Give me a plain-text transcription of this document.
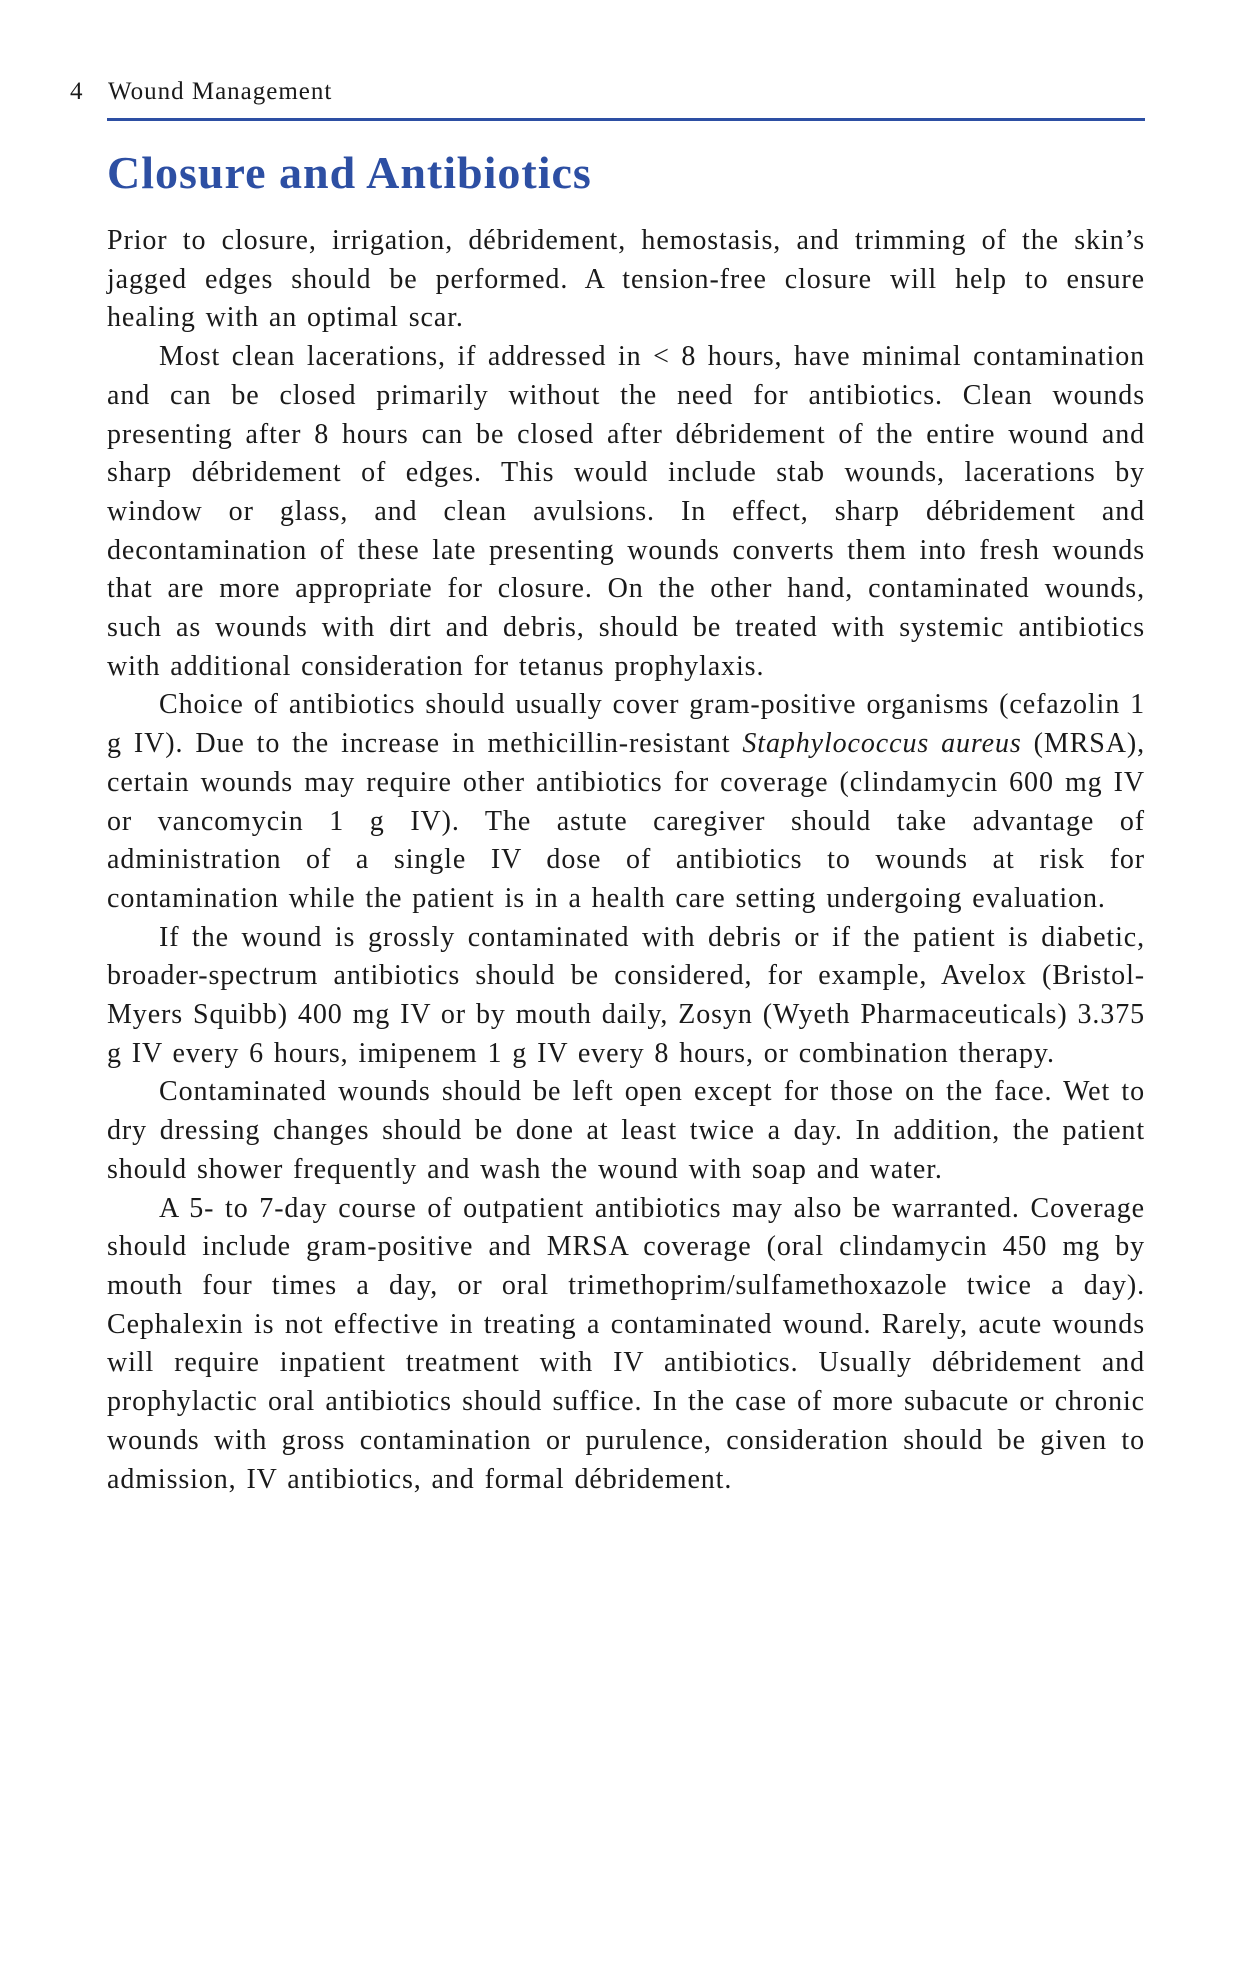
4 Wound Management
Closure and Antibiotics

Prior to closure, irrigation, débridement, hemostasis, and trimming of the skin’s jagged edges should be performed. A tension-free closure will help to ensure healing with an optimal scar.

Most clean lacerations, if addressed in < 8 hours, have minimal contamination and can be closed primarily without the need for antibiotics. Clean wounds presenting after 8 hours can be closed after débridement of the entire wound and sharp débridement of edges. This would include stab wounds, lacerations by window or glass, and clean avulsions. In effect, sharp débridement and decontamination of these late presenting wounds converts them into fresh wounds that are more appropriate for closure. On the other hand, contaminated wounds, such as wounds with dirt and debris, should be treated with systemic antibiotics with additional consideration for tetanus prophylaxis.

Choice of antibiotics should usually cover gram-positive organisms (cefazolin 1 g IV). Due to the increase in methicillin-resistant Staphylococcus aureus (MRSA), certain wounds may require other antibiotics for coverage (clindamycin 600 mg IV or vancomycin 1 g IV). The astute caregiver should take advantage of administration of a single IV dose of antibiotics to wounds at risk for contamination while the patient is in a health care setting undergoing evaluation.

If the wound is grossly contaminated with debris or if the patient is diabetic, broader-spectrum antibiotics should be considered, for example, Avelox (Bristol-Myers Squibb) 400 mg IV or by mouth daily, Zosyn (Wyeth Pharmaceuticals) 3.375 g IV every 6 hours, imipenem 1 g IV every 8 hours, or combination therapy.

Contaminated wounds should be left open except for those on the face. Wet to dry dressing changes should be done at least twice a day. In addition, the patient should shower frequently and wash the wound with soap and water.

A 5- to 7-day course of outpatient antibiotics may also be warranted. Coverage should include gram-positive and MRSA coverage (oral clindamycin 450 mg by mouth four times a day, or oral trimethoprim/sulfamethoxazole twice a day). Cephalexin is not effective in treating a contaminated wound. Rarely, acute wounds will require inpatient treatment with IV antibiotics. Usually débridement and prophylactic oral antibiotics should suffice. In the case of more subacute or chronic wounds with gross contamination or purulence, consideration should be given to admission, IV antibiotics, and formal débridement.
